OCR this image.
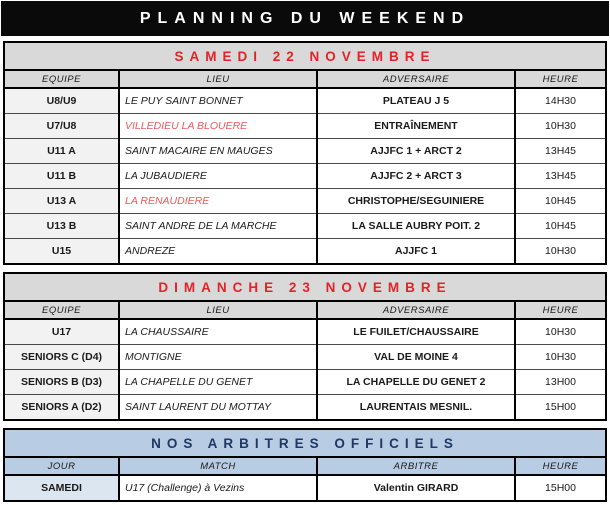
PLANNING DU WEEKEND
SAMEDI 22 NOVEMBRE
EQUIPE	LIEU	ADVERSAIRE	HEURE
U8/U9	LE PUY SAINT BONNET	PLATEAU J 5	14H30
U7/U8	VILLEDIEU LA BLOUERE	ENTRAÎNEMENT	10H30
U11 A	SAINT MACAIRE EN MAUGES	AJJFC 1 + ARCT 2	13H45
U11 B	LA JUBAUDIERE	AJJFC 2 + ARCT 3	13H45
U13 A	LA RENAUDIERE	CHRISTOPHE/SEGUINIERE	10H45
U13 B	SAINT ANDRE DE LA MARCHE	LA SALLE AUBRY POIT. 2	10H45
U15	ANDREZE	AJJFC 1	10H30
DIMANCHE 23 NOVEMBRE
EQUIPE	LIEU	ADVERSAIRE	HEURE
U17	LA CHAUSSAIRE	LE FUILET/CHAUSSAIRE	10H30
SENIORS C (D4)	MONTIGNE	VAL DE MOINE 4	10H30
SENIORS B (D3)	LA CHAPELLE DU GENET	LA CHAPELLE DU GENET 2	13H00
SENIORS A (D2)	SAINT LAURENT DU MOTTAY	LAURENTAIS MESNIL.	15H00
NOS ARBITRES OFFICIELS
JOUR	MATCH	ARBITRE	HEURE
SAMEDI	U17 (Challenge) à Vezins	Valentin GIRARD	15H00
